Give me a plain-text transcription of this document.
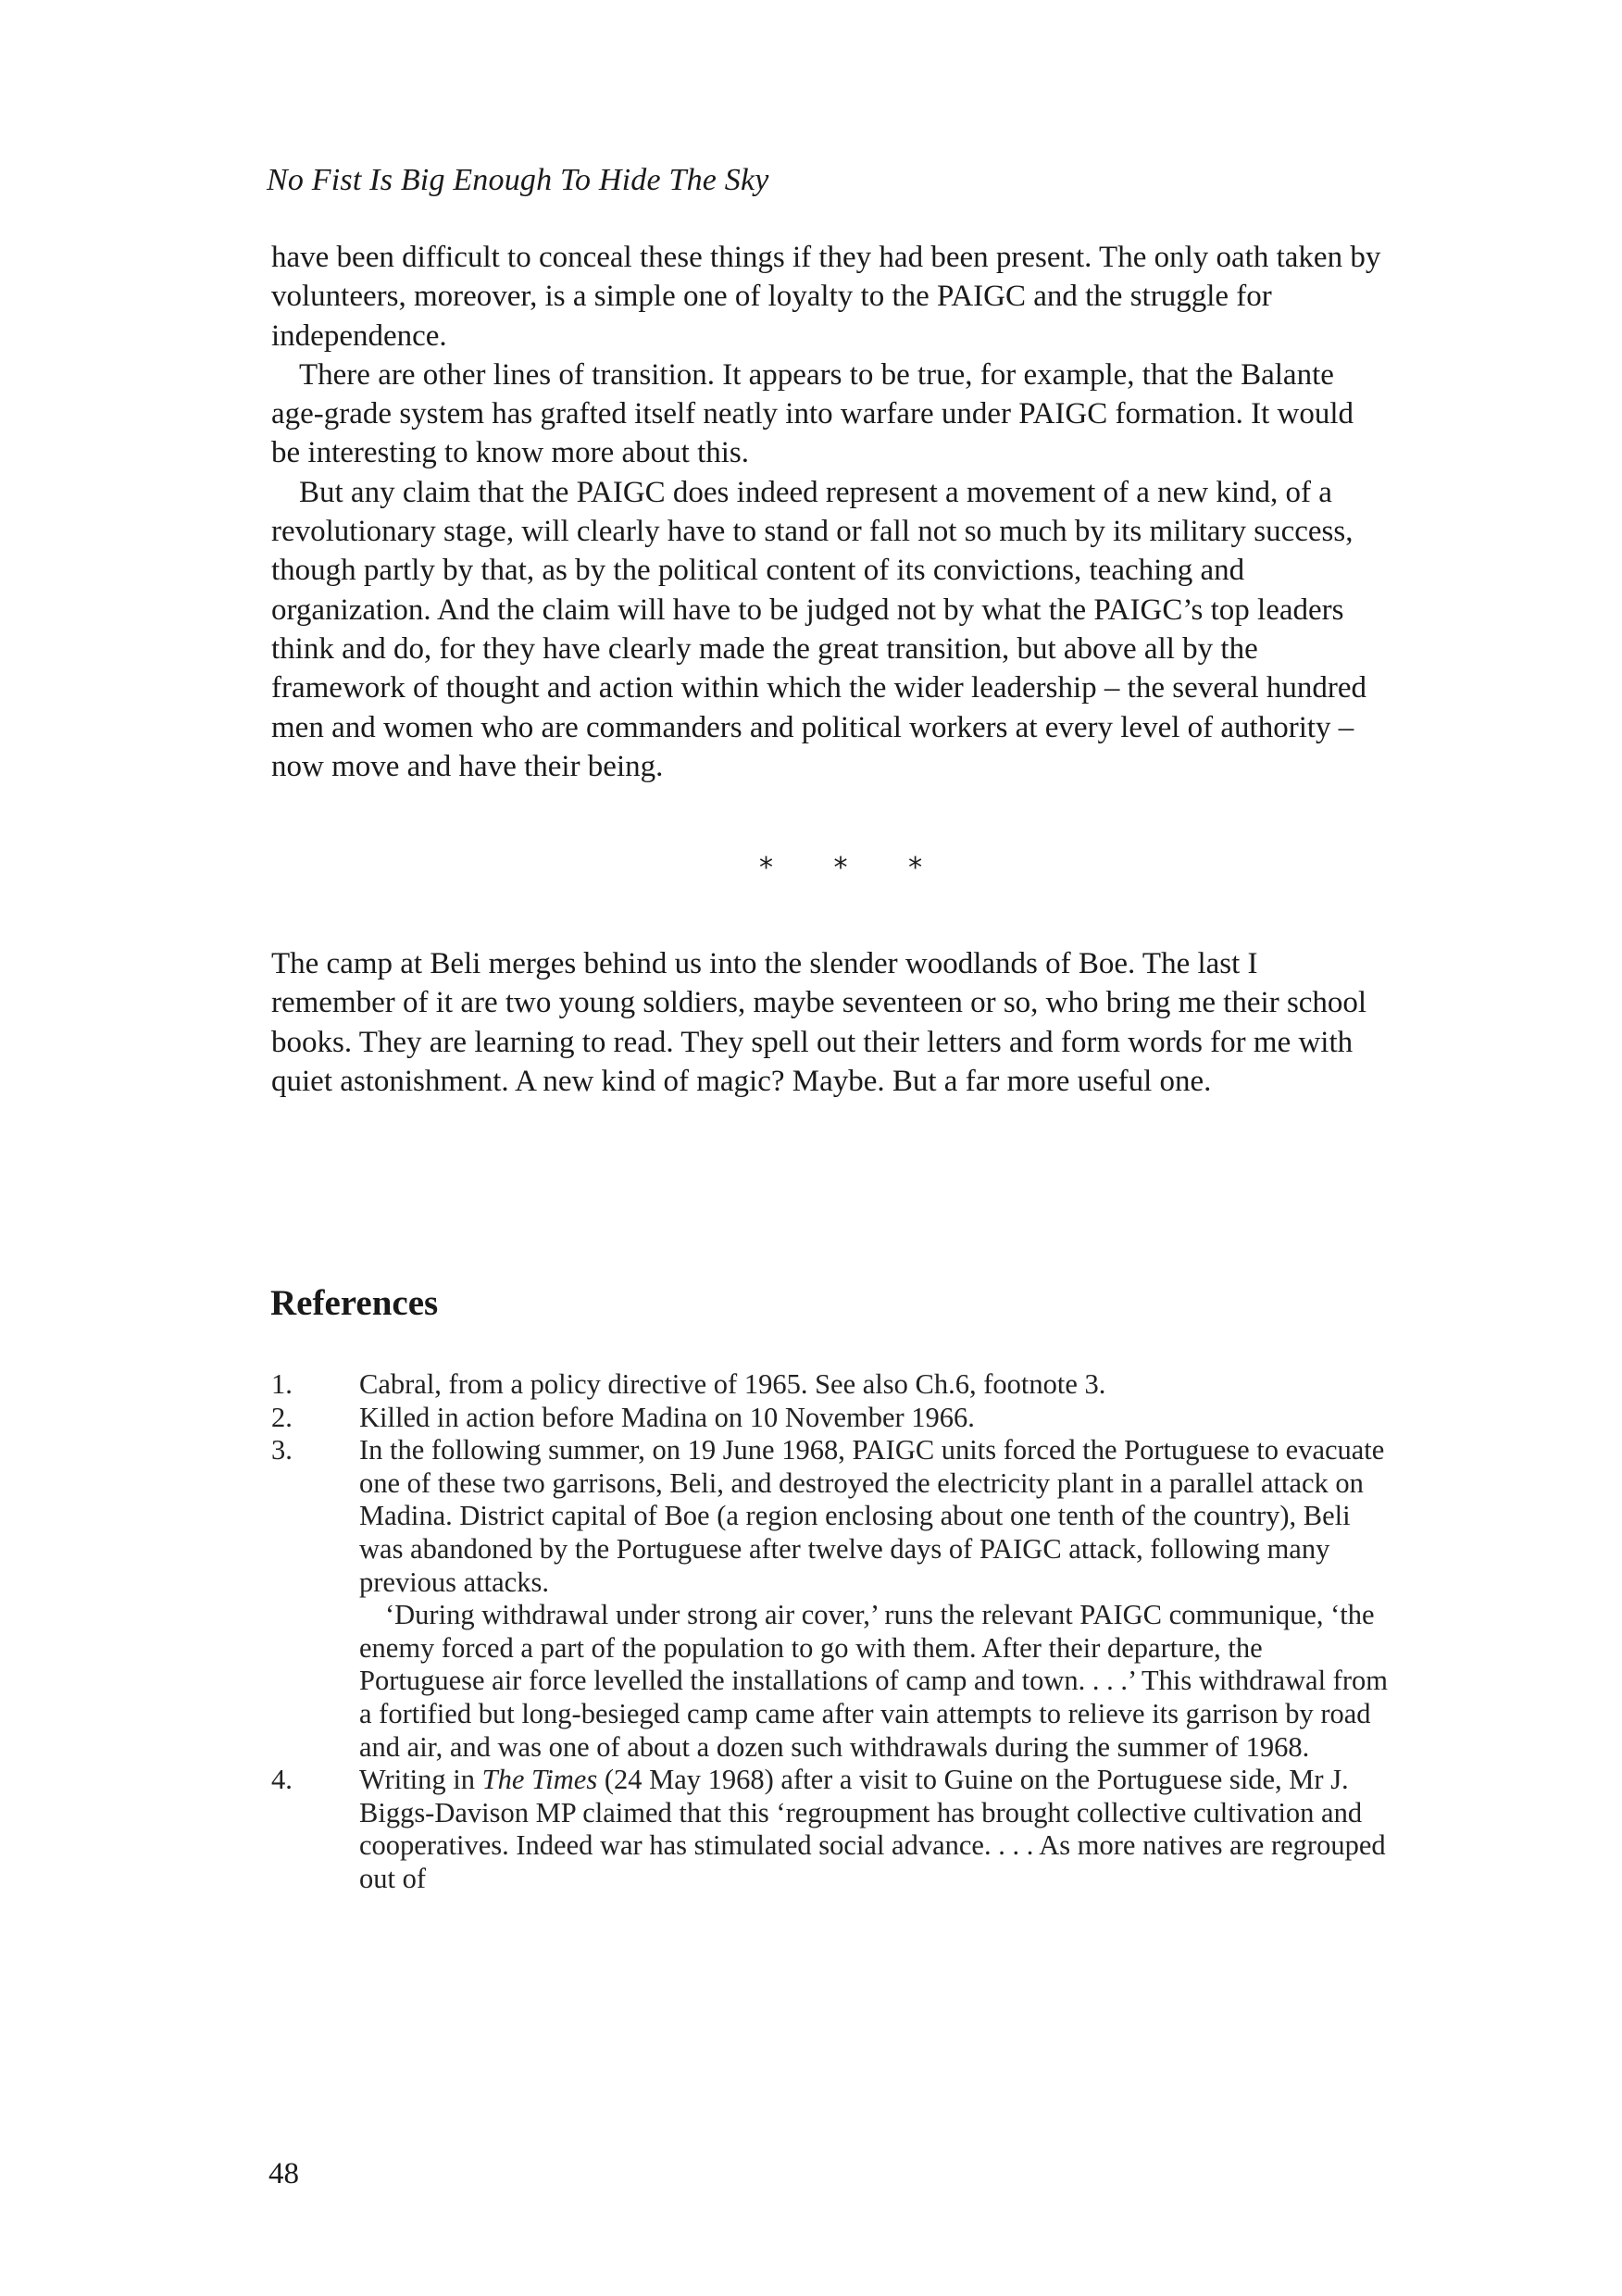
No Fist Is Big Enough To Hide The Sky

have been difficult to conceal these things if they had been present. The only oath taken by volunteers, moreover, is a simple one of loyalty to the PAIGC and the struggle for independence.

There are other lines of transition. It appears to be true, for example, that the Balante age-grade system has grafted itself neatly into warfare under PAIGC formation. It would be interesting to know more about this.

But any claim that the PAIGC does indeed represent a movement of a new kind, of a revolutionary stage, will clearly have to stand or fall not so much by its military success, though partly by that, as by the political content of its convictions, teaching and organization. And the claim will have to be judged not by what the PAIGC’s top leaders think and do, for they have clearly made the great transition, but above all by the framework of thought and action within which the wider leadership – the several hundred men and women who are commanders and political workers at every level of authority – now move and have their being.

* * *

The camp at Beli merges behind us into the slender woodlands of Boe. The last I remember of it are two young soldiers, maybe seventeen or so, who bring me their school books. They are learning to read. They spell out their letters and form words for me with quiet astonishment. A new kind of magic? Maybe. But a far more useful one.

References
1. Cabral, from a policy directive of 1965. See also Ch.6, footnote 3.
2. Killed in action before Madina on 10 November 1966.
3. In the following summer, on 19 June 1968, PAIGC units forced the Portuguese to evacuate one of these two garrisons, Beli, and destroyed the electricity plant in a parallel attack on Madina. District capital of Boe (a region enclosing about one tenth of the country), Beli was abandoned by the Portuguese after twelve days of PAIGC attack, following many previous attacks.
‘During withdrawal under strong air cover,’ runs the relevant PAIGC communique, ‘the enemy forced a part of the population to go with them. After their departure, the Portuguese air force levelled the installations of camp and town. . . .’ This withdrawal from a fortified but long-besieged camp came after vain attempts to relieve its garrison by road and air, and was one of about a dozen such withdrawals during the summer of 1968.
4. Writing in The Times (24 May 1968) after a visit to Guine on the Portuguese side, Mr J. Biggs-Davison MP claimed that this ‘regroupment has brought collective cultivation and cooperatives. Indeed war has stimulated social advance. . . . As more natives are regrouped out of
48
